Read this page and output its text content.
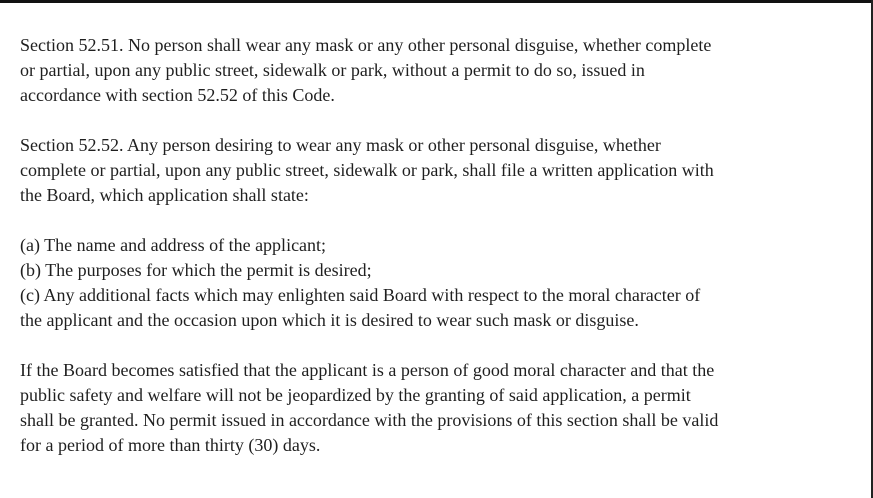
Section 52.51. No person shall wear any mask or any other personal disguise, whether complete
or partial, upon any public street, sidewalk or park, without a permit to do so, issued in
accordance with section 52.52 of this Code.
Section 52.52. Any person desiring to wear any mask or other personal disguise, whether
complete or partial, upon any public street, sidewalk or park, shall file a written application with
the Board, which application shall state:
(a) The name and address of the applicant;
(b) The purposes for which the permit is desired;
(c) Any additional facts which may enlighten said Board with respect to the moral character of
the applicant and the occasion upon which it is desired to wear such mask or disguise.
If the Board becomes satisfied that the applicant is a person of good moral character and that the
public safety and welfare will not be jeopardized by the granting of said application, a permit
shall be granted. No permit issued in accordance with the provisions of this section shall be valid
for a period of more than thirty (30) days.
